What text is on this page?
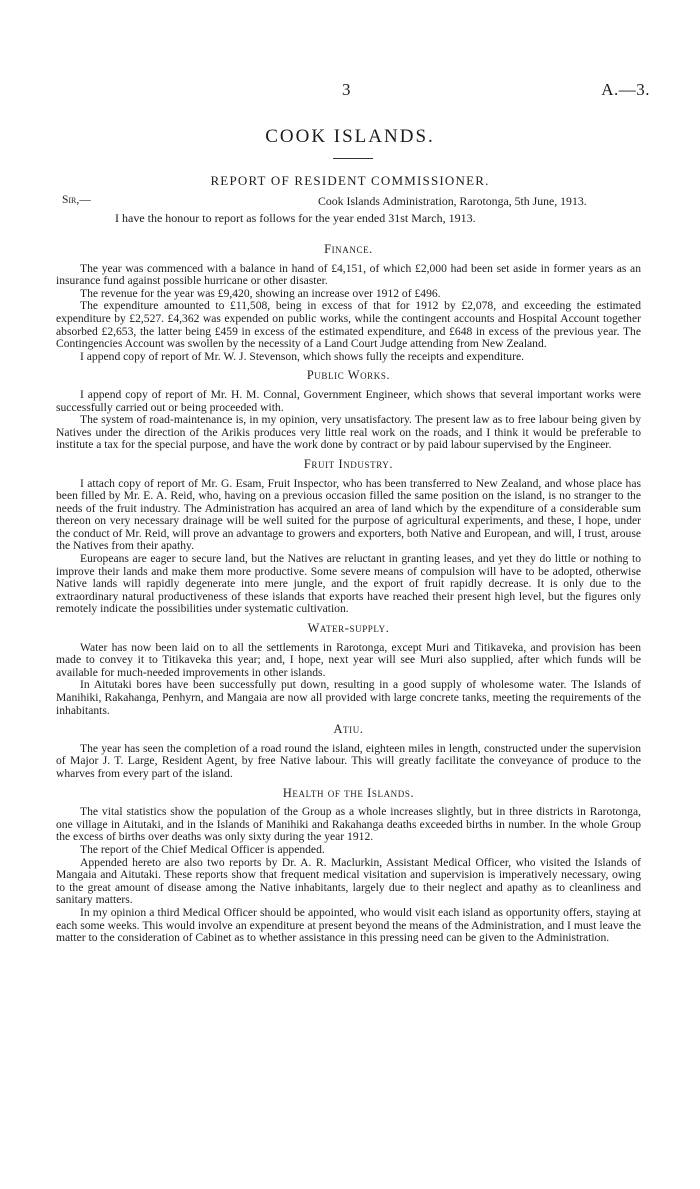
3	A.—3.
COOK ISLANDS.
REPORT OF RESIDENT COMMISSIONER.
Sir,—	Cook Islands Administration, Rarotonga, 5th June, 1913.
I have the honour to report as follows for the year ended 31st March, 1913.
Finance.

The year was commenced with a balance in hand of £4,151, of which £2,000 had been set aside in former years as an insurance fund against possible hurricane or other disaster.

The revenue for the year was £9,420, showing an increase over 1912 of £496.

The expenditure amounted to £11,508, being in excess of that for 1912 by £2,078, and exceeding the estimated expenditure by £2,527. £4,362 was expended on public works, while the contingent accounts and Hospital Account together absorbed £2,653, the latter being £459 in excess of the estimated expenditure, and £648 in excess of the previous year. The Contingencies Account was swollen by the necessity of a Land Court Judge attending from New Zealand.

I append copy of report of Mr. W. J. Stevenson, which shows fully the receipts and expenditure.

Public Works.

I append copy of report of Mr. H. M. Connal, Government Engineer, which shows that several important works were successfully carried out or being proceeded with.

The system of road-maintenance is, in my opinion, very unsatisfactory. The present law as to free labour being given by Natives under the direction of the Arikis produces very little real work on the roads, and I think it would be preferable to institute a tax for the special purpose, and have the work done by contract or by paid labour supervised by the Engineer.

Fruit Industry.

I attach copy of report of Mr. G. Esam, Fruit Inspector, who has been transferred to New Zealand, and whose place has been filled by Mr. E. A. Reid, who, having on a previous occasion filled the same position on the island, is no stranger to the needs of the fruit industry. The Administration has acquired an area of land which by the expenditure of a considerable sum thereon on very necessary drainage will be well suited for the purpose of agricultural experiments, and these, I hope, under the conduct of Mr. Reid, will prove an advantage to growers and exporters, both Native and European, and will, I trust, arouse the Natives from their apathy.

Europeans are eager to secure land, but the Natives are reluctant in granting leases, and yet they do little or nothing to improve their lands and make them more productive. Some severe means of compulsion will have to be adopted, otherwise Native lands will rapidly degenerate into mere jungle, and the export of fruit rapidly decrease. It is only due to the extraordinary natural productiveness of these islands that exports have reached their present high level, but the figures only remotely indicate the possibilities under systematic cultivation.

Water-supply.

Water has now been laid on to all the settlements in Rarotonga, except Muri and Titikaveka, and provision has been made to convey it to Titikaveka this year; and, I hope, next year will see Muri also supplied, after which funds will be available for much-needed improvements in other islands.

In Aitutaki bores have been successfully put down, resulting in a good supply of wholesome water. The Islands of Manihiki, Rakahanga, Penhyrn, and Mangaia are now all provided with large concrete tanks, meeting the requirements of the inhabitants.

Atiu.

The year has seen the completion of a road round the island, eighteen miles in length, constructed under the supervision of Major J. T. Large, Resident Agent, by free Native labour. This will greatly facilitate the conveyance of produce to the wharves from every part of the island.

Health of the Islands.

The vital statistics show the population of the Group as a whole increases slightly, but in three districts in Rarotonga, one village in Aitutaki, and in the Islands of Manihiki and Rakahanga deaths exceeded births in number. In the whole Group the excess of births over deaths was only sixty during the year 1912.

The report of the Chief Medical Officer is appended.

Appended hereto are also two reports by Dr. A. R. Maclurkin, Assistant Medical Officer, who visited the Islands of Mangaia and Aitutaki. These reports show that frequent medical visitation and supervision is imperatively necessary, owing to the great amount of disease among the Native inhabitants, largely due to their neglect and apathy as to cleanliness and sanitary matters.

In my opinion a third Medical Officer should be appointed, who would visit each island as opportunity offers, staying at each some weeks. This would involve an expenditure at present beyond the means of the Administration, and I must leave the matter to the consideration of Cabinet as to whether assistance in this pressing need can be given to the Administration.
